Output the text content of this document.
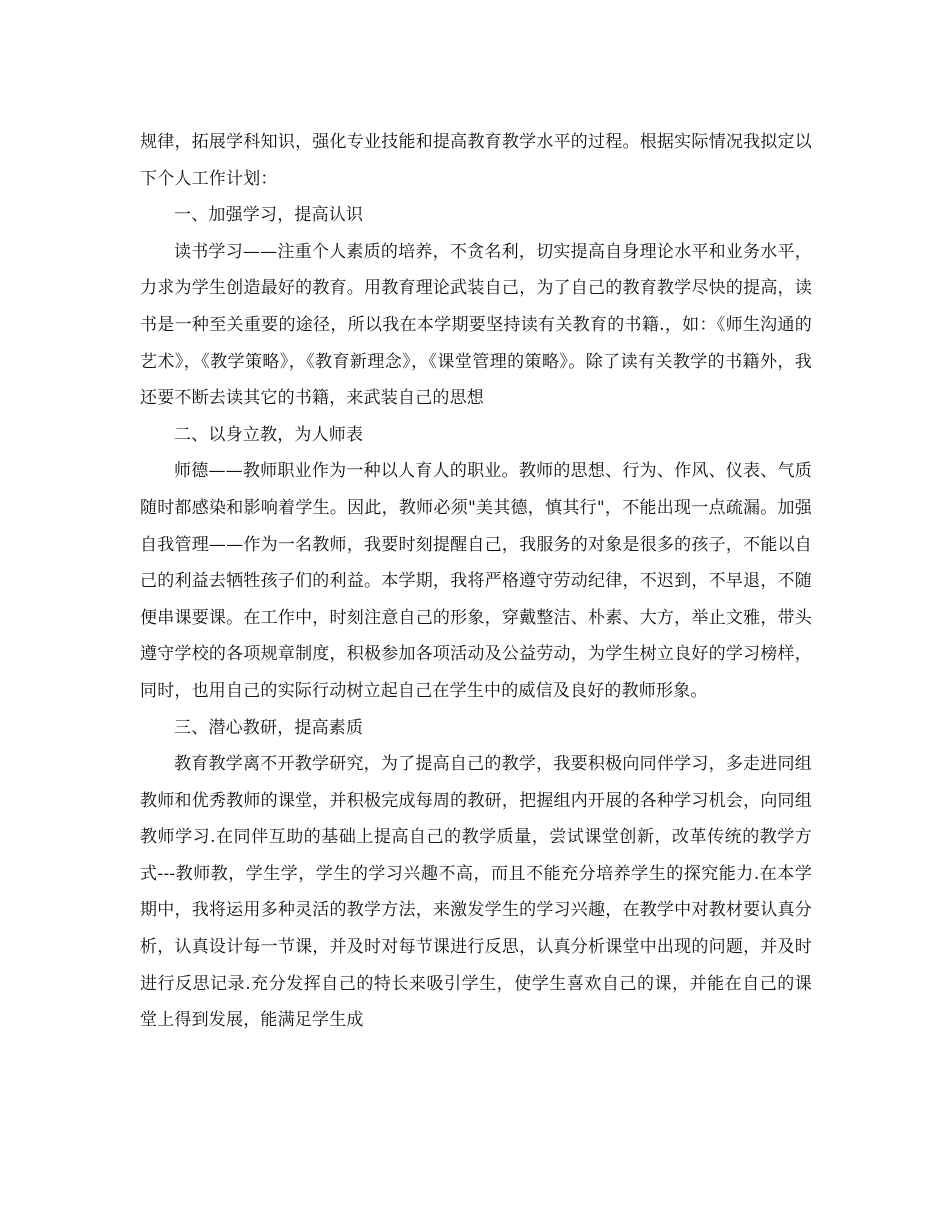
规律，拓展学科知识，强化专业技能和提高教育教学水平的过程。根据实际情况我拟定以下个人工作计划：

一、加强学习，提高认识

读书学习——注重个人素质的培养，不贪名利，切实提高自身理论水平和业务水平，力求为学生创造最好的教育。用教育理论武装自己，为了自己的教育教学尽快的提高，读书是一种至关重要的途径，所以我在本学期要坚持读有关教育的书籍.，如：《师生沟通的艺术》，《教学策略》，《教育新理念》，《课堂管理的策略》。除了读有关教学的书籍外，我还要不断去读其它的书籍，来武装自己的思想

二、以身立教，为人师表

师德——教师职业作为一种以人育人的职业。教师的思想、行为、作风、仪表、气质随时都感染和影响着学生。因此，教师必须"美其德，慎其行"，不能出现一点疏漏。加强自我管理——作为一名教师，我要时刻提醒自己，我服务的对象是很多的孩子，不能以自己的利益去牺牲孩子们的利益。本学期，我将严格遵守劳动纪律，不迟到，不早退，不随便串课要课。在工作中，时刻注意自己的形象，穿戴整洁、朴素、大方，举止文雅，带头遵守学校的各项规章制度，积极参加各项活动及公益劳动，为学生树立良好的学习榜样，同时，也用自己的实际行动树立起自己在学生中的威信及良好的教师形象。

三、潜心教研，提高素质

教育教学离不开教学研究，为了提高自己的教学，我要积极向同伴学习，多走进同组教师和优秀教师的课堂，并积极完成每周的教研，把握组内开展的各种学习机会，向同组教师学习.在同伴互助的基础上提高自己的教学质量，尝试课堂创新，改革传统的教学方式---教师教，学生学，学生的学习兴趣不高，而且不能充分培养学生的探究能力.在本学期中，我将运用多种灵活的教学方法，来激发学生的学习兴趣，在教学中对教材要认真分析，认真设计每一节课，并及时对每节课进行反思，认真分析课堂中出现的问题，并及时进行反思记录.充分发挥自己的特长来吸引学生，使学生喜欢自己的课，并能在自己的课堂上得到发展，能满足学生成
